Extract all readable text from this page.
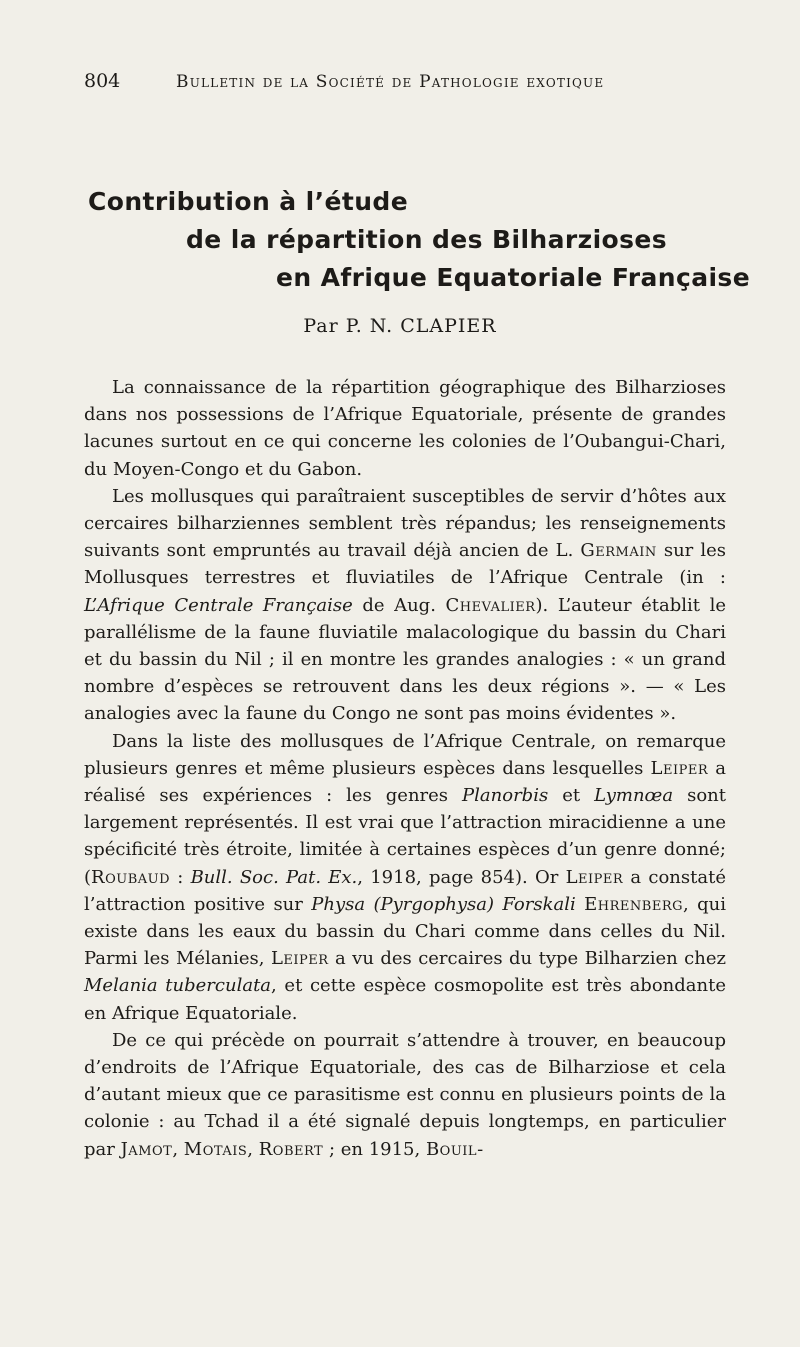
804	Bulletin de la Société de Pathologie exotique
Contribution à l’étude
de la répartition des Bilharzioses
en Afrique Equatoriale Française
Par P. N. CLAPIER

La connaissance de la répartition géographique des Bilharzioses dans nos possessions de l’Afrique Equatoriale, présente de grandes lacunes surtout en ce qui concerne les colonies de l’Oubangui-Chari, du Moyen-Congo et du Gabon.

Les mollusques qui paraîtraient susceptibles de servir d’hôtes aux cercaires bilharziennes semblent très répandus; les renseignements suivants sont empruntés au travail déjà ancien de L. Germain sur les Mollusques terrestres et fluviatiles de l’Afrique Centrale (in : L’Afrique Centrale Française de Aug. Chevalier). L’auteur établit le parallélisme de la faune fluviatile malacologique du bassin du Chari et du bassin du Nil ; il en montre les grandes analogies : « un grand nombre d’espèces se retrouvent dans les deux régions ». — « Les analogies avec la faune du Congo ne sont pas moins évidentes ».

Dans la liste des mollusques de l’Afrique Centrale, on remarque plusieurs genres et même plusieurs espèces dans lesquelles Leiper a réalisé ses expériences : les genres Planorbis et Lymnœa sont largement représentés. Il est vrai que l’attraction miracidienne a une spécificité très étroite, limitée à certaines espèces d’un genre donné; (Roubaud : Bull. Soc. Pat. Ex., 1918, page 854). Or Leiper a constaté l’attraction positive sur Physa (Pyrgophysa) Forskali Ehrenberg, qui existe dans les eaux du bassin du Chari comme dans celles du Nil. Parmi les Mélanies, Leiper a vu des cercaires du type Bilharzien chez Melania tuberculata, et cette espèce cosmopolite est très abondante en Afrique Equatoriale.

De ce qui précède on pourrait s’attendre à trouver, en beaucoup d’endroits de l’Afrique Equatoriale, des cas de Bilharziose et cela d’autant mieux que ce parasitisme est connu en plusieurs points de la colonie : au Tchad il a été signalé depuis longtemps, en particulier par Jamot, Motais, Robert ; en 1915, Bouil-
